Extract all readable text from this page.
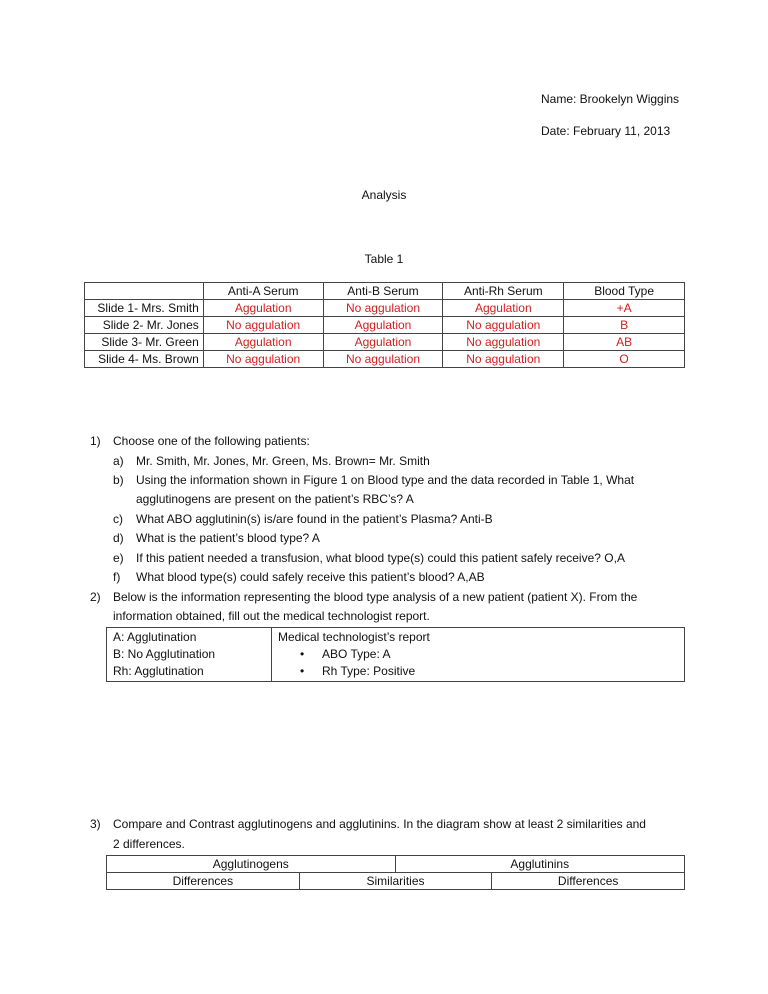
Name: Brookelyn Wiggins
Date: February 11, 2013
Analysis
Table 1
	Anti-A Serum	Anti-B Serum	Anti-Rh Serum	Blood Type
Slide 1- Mrs. Smith	Aggulation	No aggulation	Aggulation	+A
Slide 2- Mr. Jones	No aggulation	Aggulation	No aggulation	B
Slide 3- Mr. Green	Aggulation	Aggulation	No aggulation	AB
Slide 4- Ms. Brown	No aggulation	No aggulation	No aggulation	O
1) Choose one of the following patients:
a) Mr. Smith, Mr. Jones, Mr. Green, Ms. Brown= Mr. Smith
b) Using the information shown in Figure 1 on Blood type and the data recorded in Table 1, What
agglutinogens are present on the patient’s RBC’s? A
c) What ABO agglutinin(s) is/are found in the patient’s Plasma? Anti-B
d) What is the patient’s blood type? A
e) If this patient needed a transfusion, what blood type(s) could this patient safely receive? O,A
f) What blood type(s) could safely receive this patient’s blood? A,AB
2) Below is the information representing the blood type analysis of a new patient (patient X). From the
information obtained, fill out the medical technologist report.
A: Agglutination
B: No Agglutination
Rh: Agglutination

Medical technologist’s report
•	ABO Type: A
•	Rh Type: Positive
3) Compare and Contrast agglutinogens and agglutinins. In the diagram show at least 2 similarities and
2 differences.
Agglutinogens		Agglutinins	
Differences	Similarities		Differences
